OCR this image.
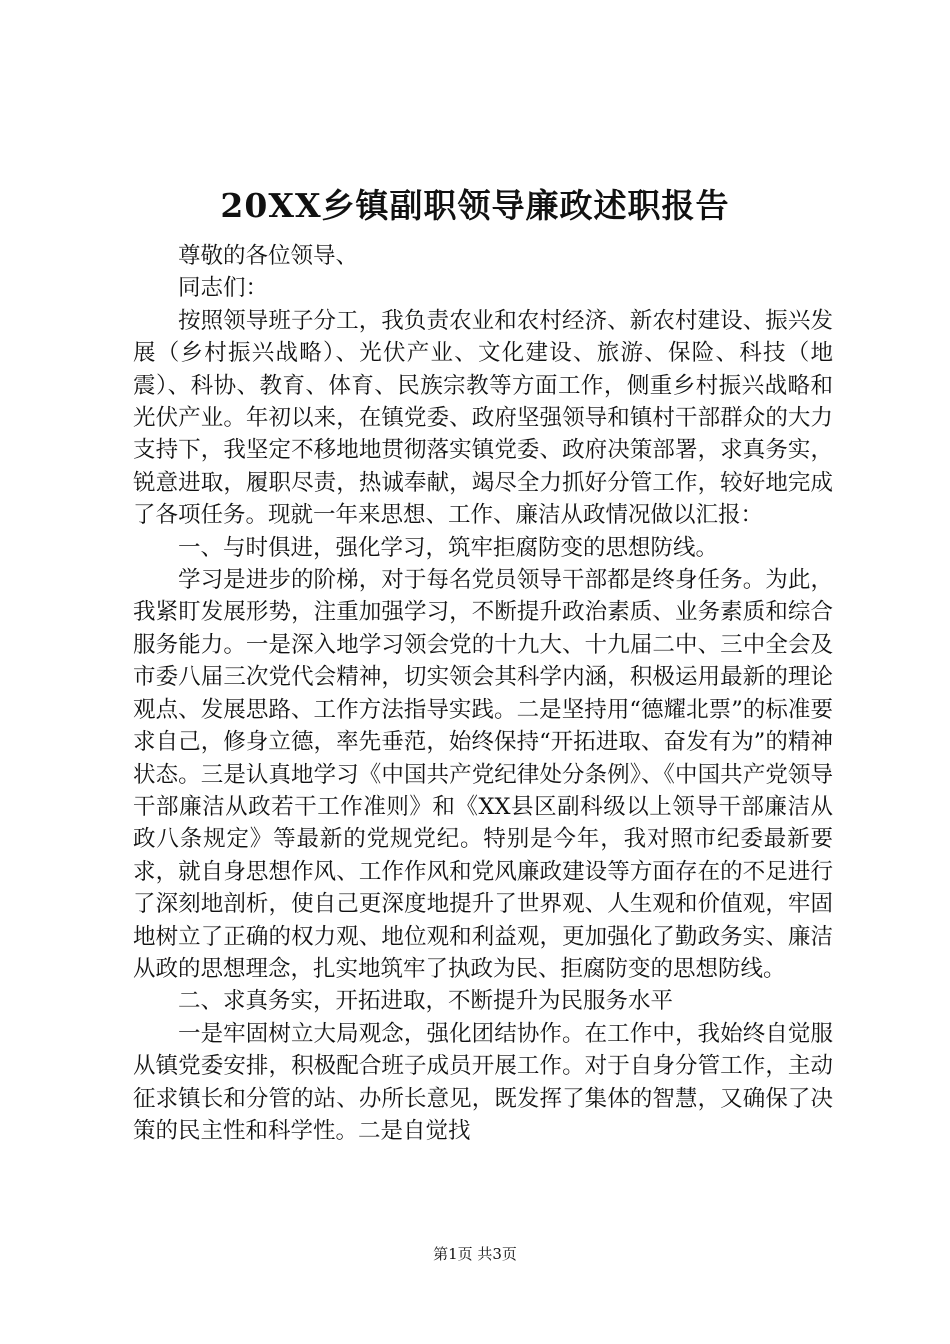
20XX乡镇副职领导廉政述职报告

尊敬的各位领导、

同志们：

按照领导班子分工，我负责农业和农村经济、新农村建设、振兴发展（乡村振兴战略）、光伏产业、文化建设、旅游、保险、科技（地震）、科协、教育、体育、民族宗教等方面工作，侧重乡村振兴战略和光伏产业。年初以来，在镇党委、政府坚强领导和镇村干部群众的大力支持下，我坚定不移地地贯彻落实镇党委、政府决策部署，求真务实，锐意进取，履职尽责，热诚奉献，竭尽全力抓好分管工作，较好地完成了各项任务。现就一年来思想、工作、廉洁从政情况做以汇报：

一、与时俱进，强化学习，筑牢拒腐防变的思想防线。

学习是进步的阶梯，对于每名党员领导干部都是终身任务。为此，我紧盯发展形势，注重加强学习，不断提升政治素质、业务素质和综合服务能力。一是深入地学习领会党的十九大、十九届二中、三中全会及市委八届三次党代会精神，切实领会其科学内涵，积极运用最新的理论观点、发展思路、工作方法指导实践。二是坚持用“德耀北票”的标准要求自己，修身立德，率先垂范，始终保持“开拓进取、奋发有为”的精神状态。三是认真地学习《中国共产党纪律处分条例》、《中国共产党领导干部廉洁从政若干工作准则》和《XX县区副科级以上领导干部廉洁从政八条规定》等最新的党规党纪。特别是今年，我对照市纪委最新要求，就自身思想作风、工作作风和党风廉政建设等方面存在的不足进行了深刻地剖析，使自己更深度地提升了世界观、人生观和价值观，牢固地树立了正确的权力观、地位观和利益观，更加强化了勤政务实、廉洁从政的思想理念，扎实地筑牢了执政为民、拒腐防变的思想防线。

二、求真务实，开拓进取，不断提升为民服务水平

一是牢固树立大局观念，强化团结协作。在工作中，我始终自觉服从镇党委安排，积极配合班子成员开展工作。对于自身分管工作，主动征求镇长和分管的站、办所长意见，既发挥了集体的智慧，又确保了决策的民主性和科学性。二是自觉找

第1页 共3页
